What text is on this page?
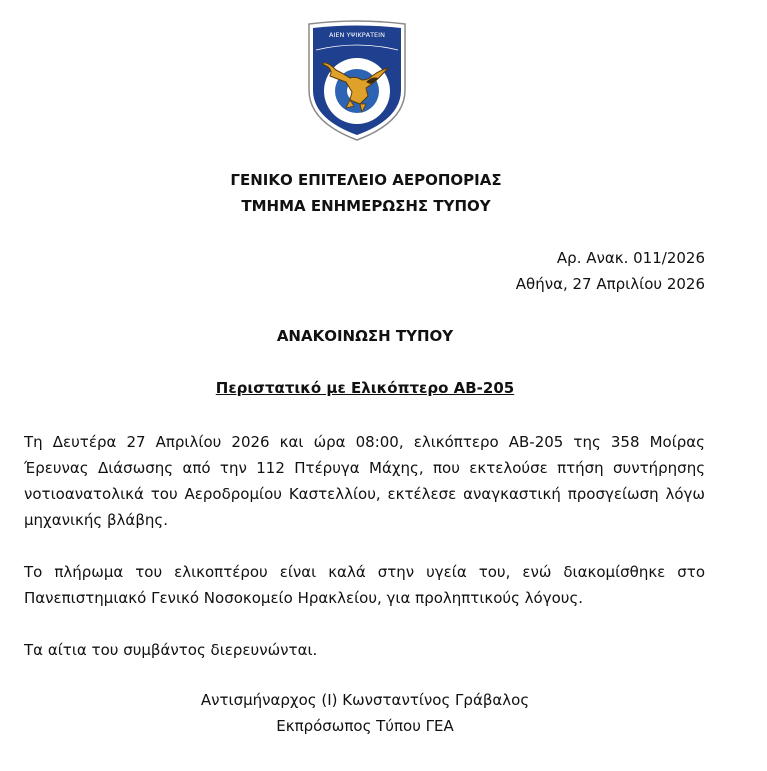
ΑΙΕΝ ΥΨΙΚΡΑΤΕΙΝ
ΓΕΝΙΚΟ ΕΠΙΤΕΛΕΙΟ ΑΕΡΟΠΟΡΙΑΣ
ΤΜΗΜΑ ΕΝΗΜΕΡΩΣΗΣ ΤΥΠΟΥ
Αρ. Ανακ. 011/2026
Αθήνα, 27 Απριλίου 2026
ΑΝΑΚΟΙΝΩΣΗ ΤΥΠΟΥ
Περιστατικό με Ελικόπτερο ΑΒ-205

Τη Δευτέρα 27 Απριλίου 2026 και ώρα 08:00, ελικόπτερο ΑΒ-205 της 358 Μοίρας Έρευνας Διάσωσης από την 112 Πτέρυγα Μάχης, που εκτελούσε πτήση συντήρησης νοτιοανατολικά του Αεροδρομίου Καστελλίου, εκτέλεσε αναγκαστική προσγείωση λόγω μηχανικής βλάβης.

Το πλήρωμα του ελικοπτέρου είναι καλά στην υγεία του, ενώ διακομίσθηκε στο Πανεπιστημιακό Γενικό Νοσοκομείο Ηρακλείου, για προληπτικούς λόγους.

Τα αίτια του συμβάντος διερευνώνται.

Αντισμήναρχος (Ι) Κωνσταντίνος Γράβαλος
Εκπρόσωπος Τύπου ΓΕΑ
